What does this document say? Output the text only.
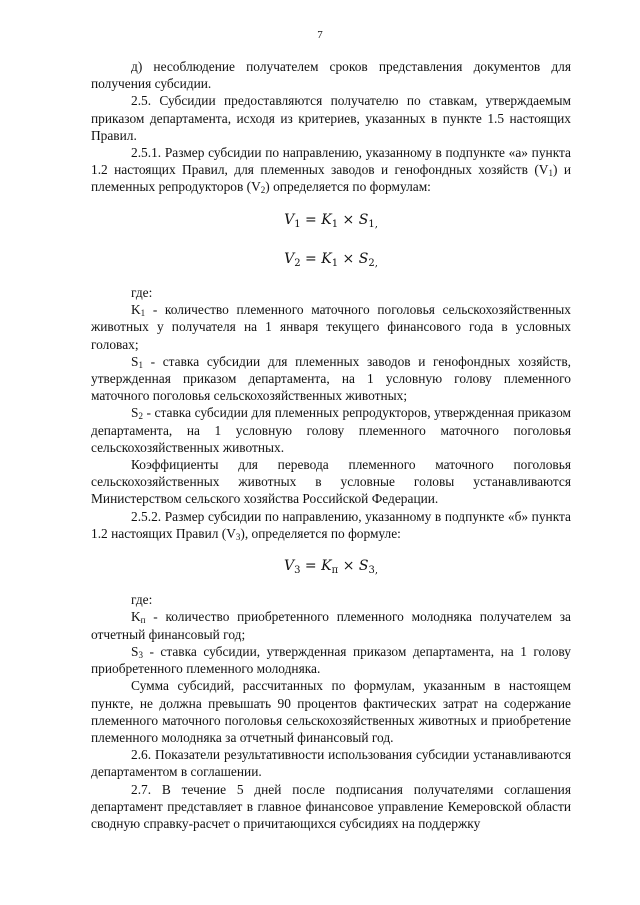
7

д) несоблюдение получателем сроков представления документов для получения субсидии.

2.5. Субсидии предоставляются получателю по ставкам, утверждаемым приказом департамента, исходя из критериев, указанных в пункте 1.5 настоящих Правил.

2.5.1. Размер субсидии по направлению, указанному в подпункте «а» пункта 1.2 настоящих Правил, для племенных заводов и генофондных хозяйств $(V_1)$ и племенных репродукторов $(V_2)$ определяется по формулам:

$V_1 = K_1 \times S_{1,}$

$V_2 = K_1 \times S_{2,}$

где:

$K_1$ - количество племенного маточного поголовья сельскохозяйственных животных у получателя на 1 января текущего финансового года в условных головах;

$S_1$ - ставка субсидии для племенных заводов и генофондных хозяйств, утвержденная приказом департамента, на 1 условную голову племенного маточного поголовья сельскохозяйственных животных;

$S_2$ - ставка субсидии для племенных репродукторов, утвержденная приказом департамента, на 1 условную голову племенного маточного поголовья сельскохозяйственных животных.

Коэффициенты для перевода племенного маточного поголовья сельскохозяйственных животных в условные головы устанавливаются Министерством сельского хозяйства Российской Федерации.

2.5.2. Размер субсидии по направлению, указанному в подпункте «б» пункта 1.2 настоящих Правил $(V_3)$, определяется по формуле:

$V_3 = K_п \times S_{3,}$

где:

$K_п$ - количество приобретенного племенного молодняка получателем за отчетный финансовый год;

$S_3$ - ставка субсидии, утвержденная приказом департамента, на 1 голову приобретенного племенного молодняка.

Сумма субсидий, рассчитанных по формулам, указанным в настоящем пункте, не должна превышать 90 процентов фактических затрат на содержание племенного маточного поголовья сельскохозяйственных животных и приобретение племенного молодняка за отчетный финансовый год.

2.6. Показатели результативности использования субсидии устанавливаются департаментом в соглашении.

2.7. В течение 5 дней после подписания получателями соглашения департамент представляет в главное финансовое управление Кемеровской области сводную справку-расчет о причитающихся субсидиях на поддержку
